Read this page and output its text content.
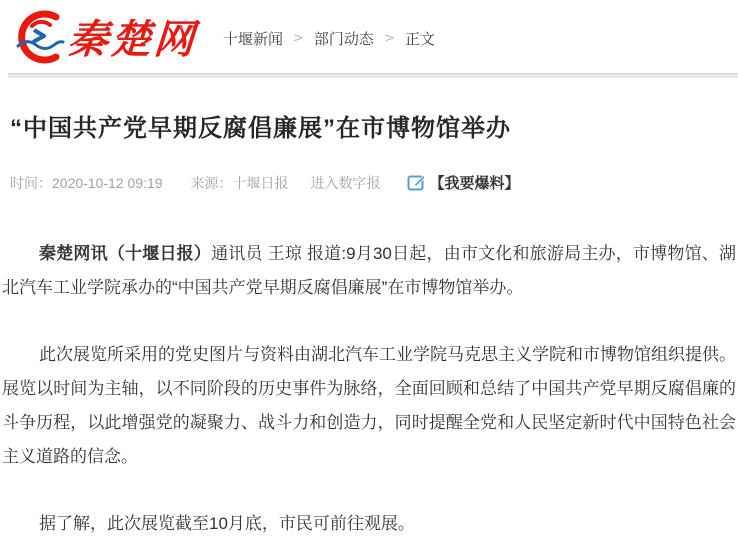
秦楚网 十堰新闻 > 部门动态 > 正文
“中国共产党早期反腐倡廉展”在市博物馆举办
时间：2020-10-12 09:19 来源：十堰日报 进入数字报	【我要爆料】

秦楚网讯（十堰日报）通讯员 王琼 报道:9月30日起，由市文化和旅游局主办，市博物馆、湖北汽车工业学院承办的“中国共产党早期反腐倡廉展”在市博物馆举办。

此次展览所采用的党史图片与资料由湖北汽车工业学院马克思主义学院和市博物馆组织提供。展览以时间为主轴，以不同阶段的历史事件为脉络，全面回顾和总结了中国共产党早期反腐倡廉的斗争历程，以此增强党的凝聚力、战斗力和创造力，同时提醒全党和人民坚定新时代中国特色社会主义道路的信念。

据了解，此次展览截至10月底，市民可前往观展。
